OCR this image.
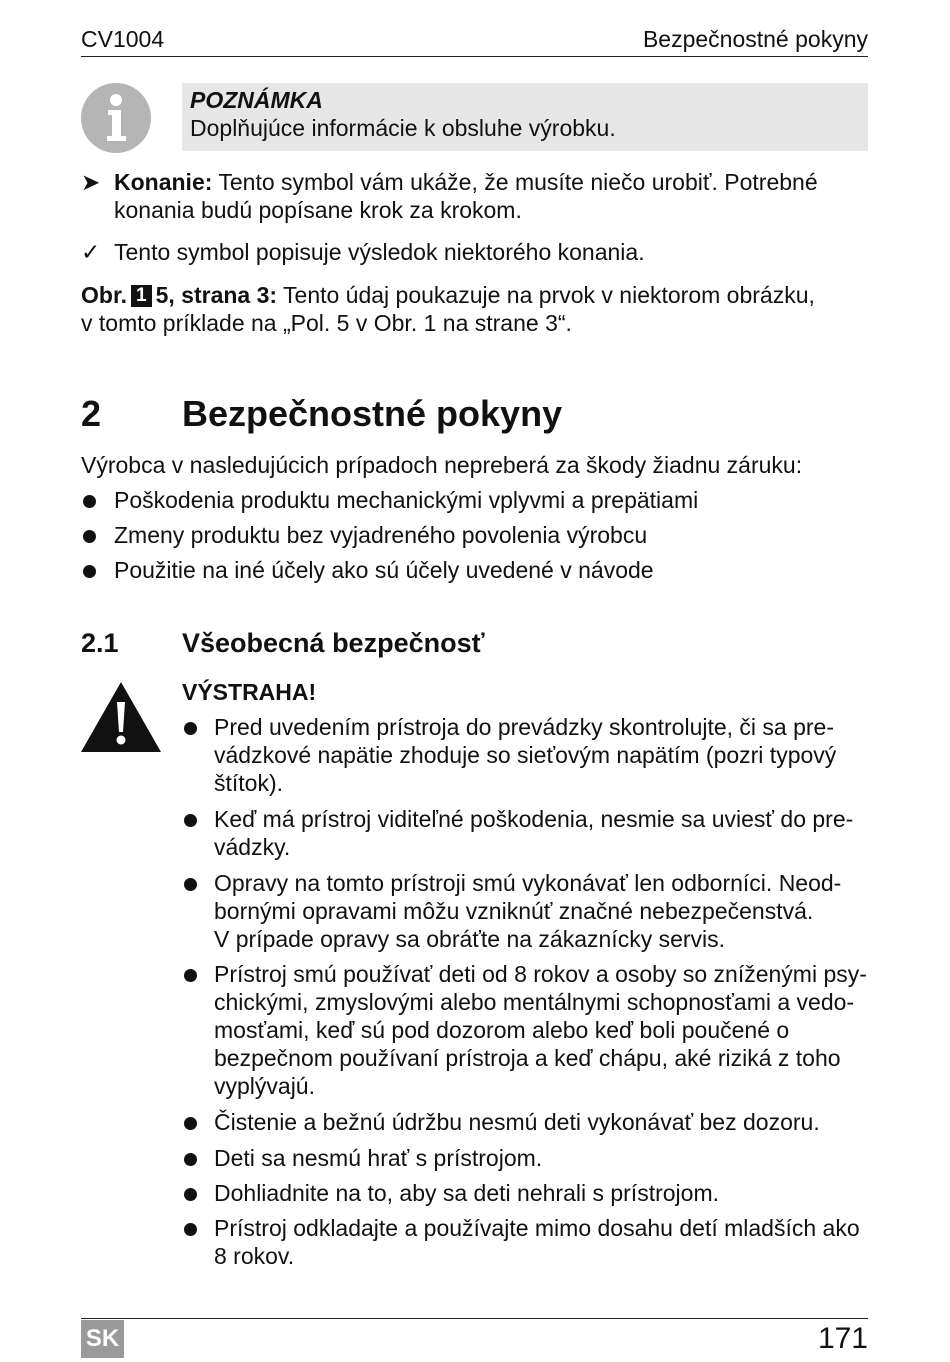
CV1004	Bezpečnostné pokyny
POZNÁMKA
Doplňujúce informácie k obsluhe výrobku.
➤ Konanie: Tento symbol vám ukáže, že musíte niečo urobiť. Potrebné
konania budú popísane krok za krokom.
✓ Tento symbol popisuje výsledok niektorého konania.
Obr. 1 5, strana 3: Tento údaj poukazuje na prvok v niektorom obrázku,
v tomto príklade na „Pol. 5 v Obr. 1 na strane 3“.
2 Bezpečnostné pokyny
Výrobca v nasledujúcich prípadoch nepreberá za škody žiadnu záruku:
Poškodenia produktu mechanickými vplyvmi a prepätiami
Zmeny produktu bez vyjadreného povolenia výrobcu
Použitie na iné účely ako sú účely uvedené v návode
2.1 Všeobecná bezpečnosť
VÝSTRAHA!
Pred uvedením prístroja do prevádzky skontrolujte, či sa pre-
vádzkové napätie zhoduje so sieťovým napätím (pozri typový
štítok).
Keď má prístroj viditeľné poškodenia, nesmie sa uviesť do pre-
vádzky.
Opravy na tomto prístroji smú vykonávať len odborníci. Neod-
bornými opravami môžu vzniknúť značné nebezpečenstvá.
V prípade opravy sa obráťte na zákaznícky servis.
Prístroj smú používať deti od 8 rokov a osoby so zníženými psy-
chickými, zmyslovými alebo mentálnymi schopnosťami a vedo-
mosťami, keď sú pod dozorom alebo keď boli poučené o
bezpečnom používaní prístroja a keď chápu, aké riziká z toho
vyplývajú.
Čistenie a bežnú údržbu nesmú deti vykonávať bez dozoru.
Deti sa nesmú hrať s prístrojom.
Dohliadnite na to, aby sa deti nehrali s prístrojom.
Prístroj odkladajte a používajte mimo dosahu detí mladších ako
8 rokov.
SK	171
